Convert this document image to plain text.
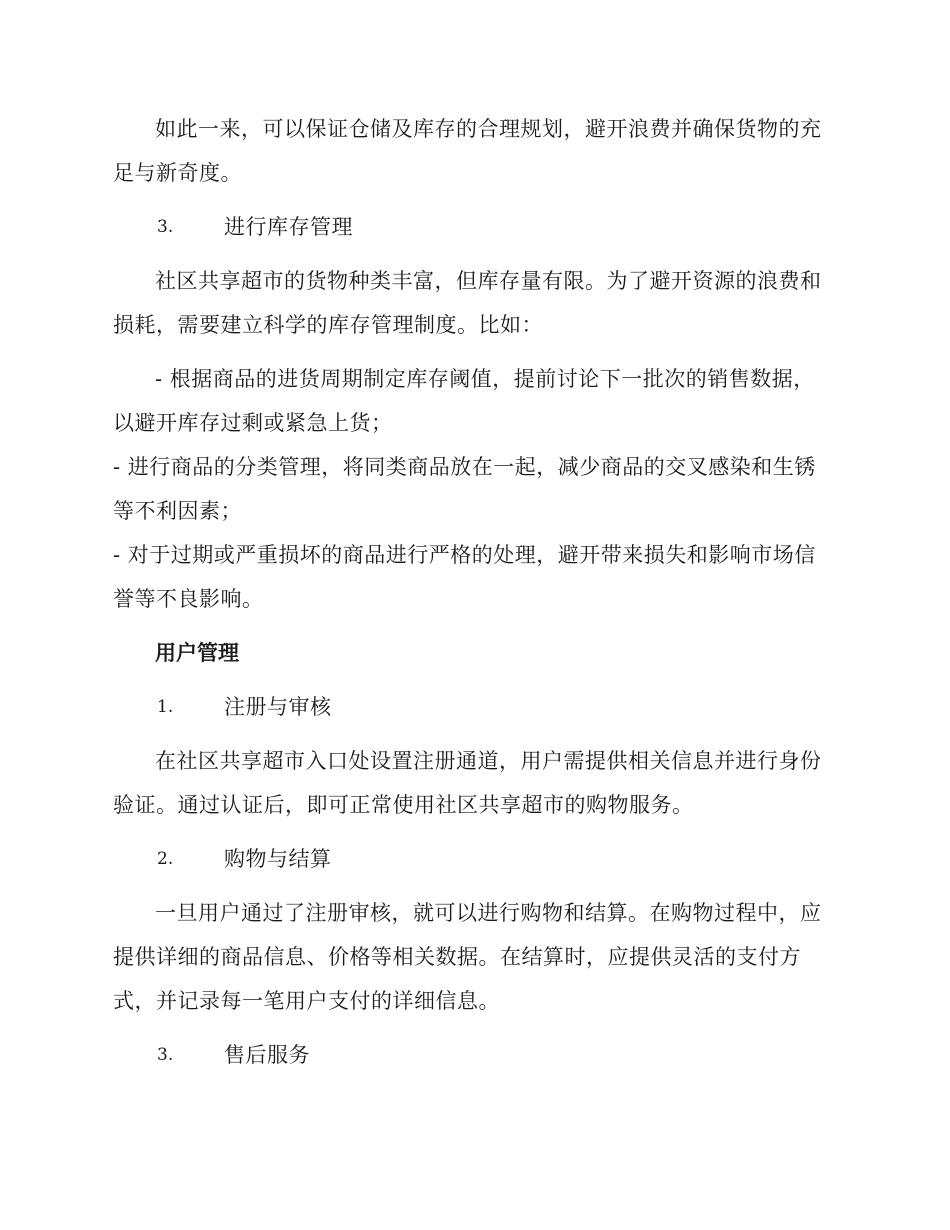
如此一来，可以保证仓储及库存的合理规划，避开浪费并确保货物的充足与新奇度。

3. 进行库存管理

社区共享超市的货物种类丰富，但库存量有限。为了避开资源的浪费和损耗，需要建立科学的库存管理制度。比如：

- 根据商品的进货周期制定库存阈值，提前讨论下一批次的销售数据，以避开库存过剩或紧急上货；

- 进行商品的分类管理，将同类商品放在一起，减少商品的交叉感染和生锈等不利因素；

- 对于过期或严重损坏的商品进行严格的处理，避开带来损失和影响市场信誉等不良影响。

用户管理

1. 注册与审核

在社区共享超市入口处设置注册通道，用户需提供相关信息并进行身份验证。通过认证后，即可正常使用社区共享超市的购物服务。

2. 购物与结算

一旦用户通过了注册审核，就可以进行购物和结算。在购物过程中，应提供详细的商品信息、价格等相关数据。在结算时，应提供灵活的支付方式，并记录每一笔用户支付的详细信息。

3. 售后服务
